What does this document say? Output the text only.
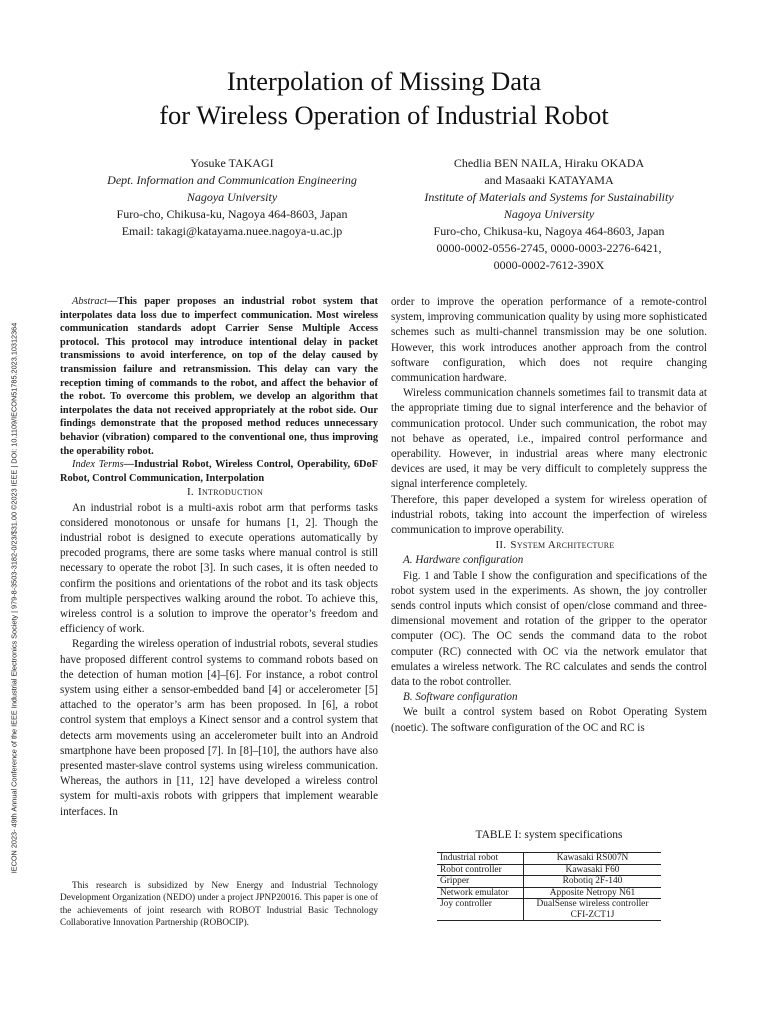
IECON 2023- 49th Annual Conference of the IEEE Industrial Electronics Society | 979-8-3503-3182-0/23/$31.00 ©2023 IEEE | DOI: 10.1109/IECON51785.2023.10312364
Interpolation of Missing Data
for Wireless Operation of Industrial Robot
Yosuke TAKAGI
Dept. Information and Communication Engineering
Nagoya University
Furo-cho, Chikusa-ku, Nagoya 464-8603, Japan
Email: takagi@katayama.nuee.nagoya-u.ac.jp
Chedlia BEN NAILA, Hiraku OKADA
and Masaaki KATAYAMA
Institute of Materials and Systems for Sustainability
Nagoya University
Furo-cho, Chikusa-ku, Nagoya 464-8603, Japan
0000-0002-0556-2745, 0000-0003-2276-6421,
0000-0002-7612-390X

Abstract—This paper proposes an industrial robot system that interpolates data loss due to imperfect communication. Most wireless communication standards adopt Carrier Sense Multiple Access protocol. This protocol may introduce intentional delay in packet transmissions to avoid interference, on top of the delay caused by transmission failure and retransmission. This delay can vary the reception timing of commands to the robot, and affect the behavior of the robot. To overcome this problem, we develop an algorithm that interpolates the data not received appropriately at the robot side. Our findings demonstrate that the proposed method reduces unnecessary behavior (vibration) compared to the conventional one, thus improving the operability robot.

Index Terms—Industrial Robot, Wireless Control, Operability, 6DoF Robot, Control Communication, Interpolation

I. Introduction

An industrial robot is a multi-axis robot arm that performs tasks considered monotonous or unsafe for humans [1, 2]. Though the industrial robot is designed to execute operations automatically by precoded programs, there are some tasks where manual control is still necessary to operate the robot [3]. In such cases, it is often needed to confirm the positions and orientations of the robot and its task objects from multiple perspectives walking around the robot. To achieve this, wireless control is a solution to improve the operator’s freedom and efficiency of work.

Regarding the wireless operation of industrial robots, several studies have proposed different control systems to command robots based on the detection of human motion [4]–[6]. For instance, a robot control system using either a sensor-embedded band [4] or accelerometer [5] attached to the operator’s arm has been proposed. In [6], a robot control system that employs a Kinect sensor and a control system that detects arm movements using an accelerometer built into an Android smartphone have been proposed [7]. In [8]–[10], the authors have also presented master-slave control systems using wireless communication. Whereas, the authors in [11, 12] have developed a wireless control system for multi-axis robots with grippers that implement wearable interfaces. In

order to improve the operation performance of a remote-control system, improving communication quality by using more sophisticated schemes such as multi-channel transmission may be one solution. However, this work introduces another approach from the control software configuration, which does not require changing communication hardware.

Wireless communication channels sometimes fail to transmit data at the appropriate timing due to signal interference and the behavior of communication protocol. Under such communication, the robot may not behave as operated, i.e., impaired control performance and operability. However, in industrial areas where many electronic devices are used, it may be very difficult to completely suppress the signal interference completely.

Therefore, this paper developed a system for wireless operation of industrial robots, taking into account the imperfection of wireless communication to improve operability.

II. System Architecture

A. Hardware configuration

Fig. 1 and Table I show the configuration and specifications of the robot system used in the experiments. As shown, the joy controller sends control inputs which consist of open/close command and three-dimensional movement and rotation of the gripper to the operator computer (OC). The OC sends the command data to the robot computer (RC) connected with OC via the network emulator that emulates a wireless network. The RC calculates and sends the control data to the robot controller.

B. Software configuration

We built a control system based on Robot Operating System (noetic). The software configuration of the OC and RC is

This research is subsidized by New Energy and Industrial Technology Development Organization (NEDO) under a project JPNP20016. This paper is one of the achievements of joint research with ROBOT Industrial Basic Technology Collaborative Innovation Partnership (ROBOCIP).

TABLE I: system specifications
Industrial robot	Kawasaki RS007N

Robot controller	Kawasaki F60

Gripper	Robotiq 2F-140

Network emulator	Apposite Netropy N61

Joy controller	DualSense wireless controller
CFI-ZCT1J
